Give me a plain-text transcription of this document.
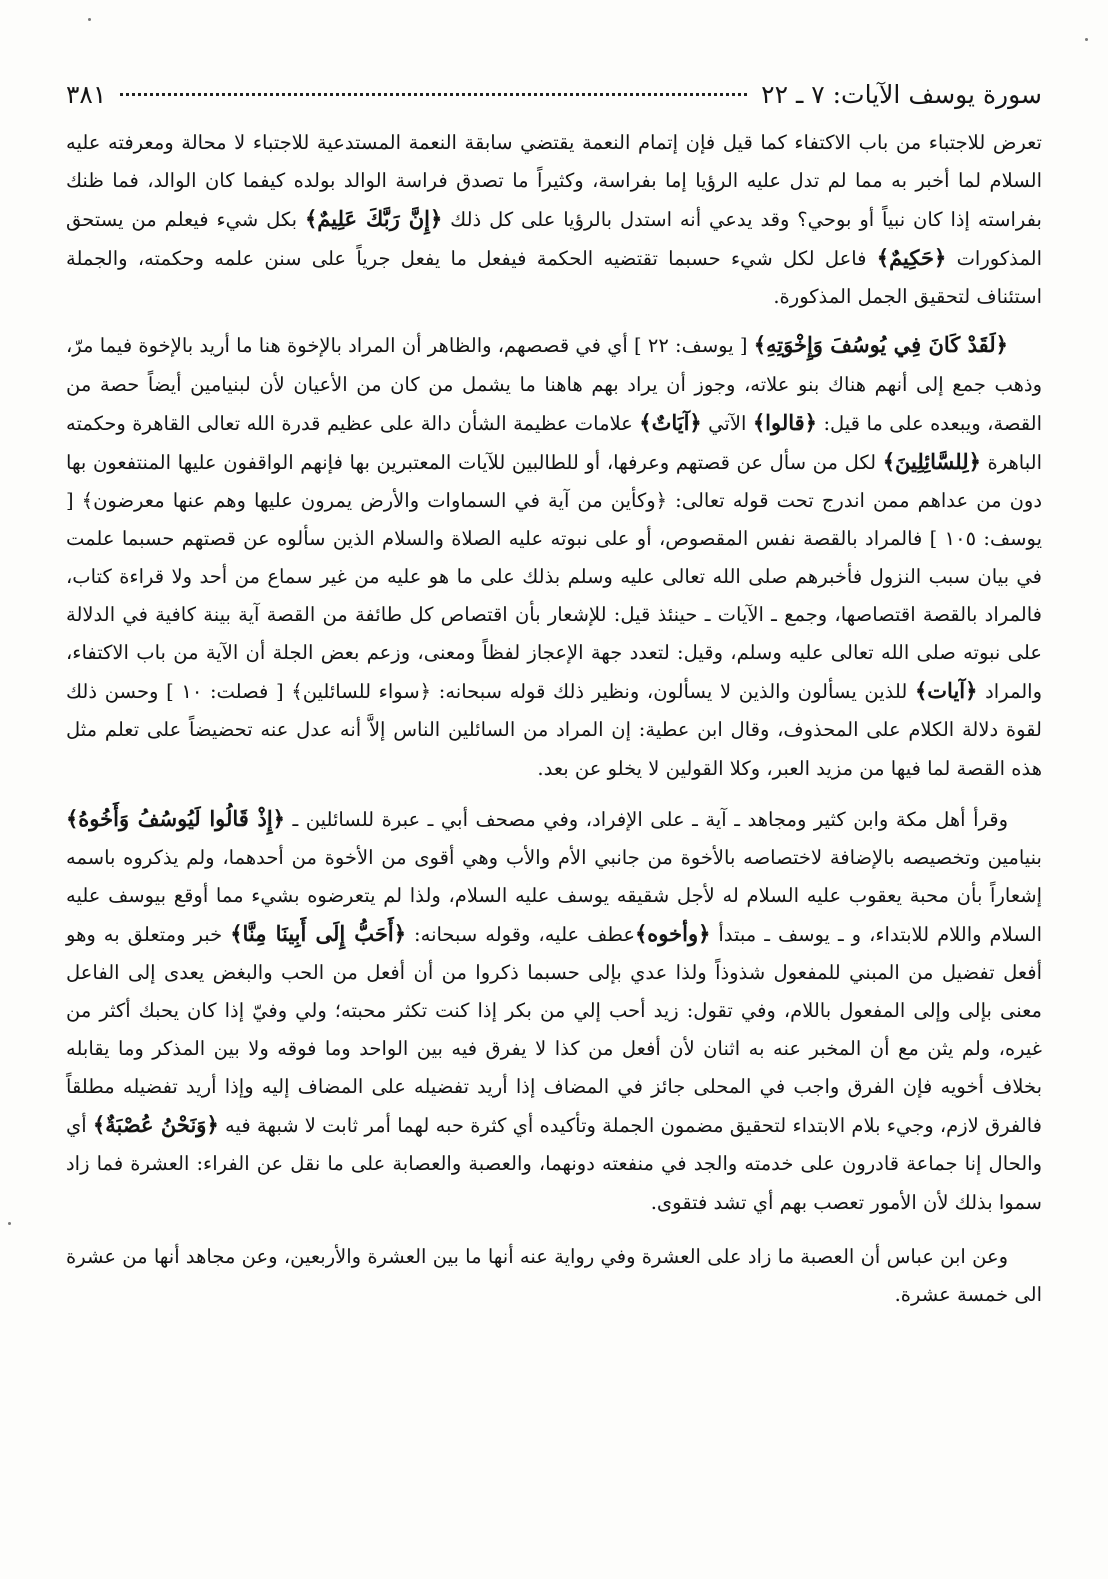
سورة يوسف الآيات: ٧ ـ ٢٢
٣٨١

تعرض للاجتباء من باب الاكتفاء كما قيل فإن إتمام النعمة يقتضي سابقة النعمة المستدعية للاجتباء لا محالة ومعرفته عليه السلام لما أخبر به مما لم تدل عليه الرؤيا إما بفراسة، وكثيراً ما تصدق فراسة الوالد بولده كيفما كان الوالد، فما ظنك بفراسته إذا كان نبياً أو بوحي؟ وقد يدعي أنه استدل بالرؤيا على كل ذلك ﴿إِنَّ رَبَّكَ عَلِيمٌ﴾ بكل شيء فيعلم من يستحق المذكورات ﴿حَكِيمٌ﴾ فاعل لكل شيء حسبما تقتضيه الحكمة فيفعل ما يفعل جرياً على سنن علمه وحكمته، والجملة استئناف لتحقيق الجمل المذكورة.

﴿لَقَدْ كَانَ فِي يُوسُفَ وَإِخْوَتِهِ﴾ [ يوسف: ٢٢ ] أي في قصصهم، والظاهر أن المراد بالإخوة هنا ما أريد بالإخوة فيما مرّ، وذهب جمع إلى أنهم هناك بنو علاته، وجوز أن يراد بهم هاهنا ما يشمل من كان من الأعيان لأن لبنيامين أيضاً حصة من القصة، ويبعده على ما قيل: ﴿قالوا﴾ الآتي ﴿آيَاتٌ﴾ علامات عظيمة الشأن دالة على عظيم قدرة الله تعالى القاهرة وحكمته الباهرة ﴿لِلسَّائِلِينَ﴾ لكل من سأل عن قصتهم وعرفها، أو للطالبين للآيات المعتبرين بها فإنهم الواقفون عليها المنتفعون بها دون من عداهم ممن اندرج تحت قوله تعالى: ﴿وكأين من آية في السماوات والأرض يمرون عليها وهم عنها معرضون﴾ [ يوسف: ١٠٥ ] فالمراد بالقصة نفس المقصوص، أو على نبوته عليه الصلاة والسلام الذين سألوه عن قصتهم حسبما علمت في بيان سبب النزول فأخبرهم صلى الله تعالى عليه وسلم بذلك على ما هو عليه من غير سماع من أحد ولا قراءة كتاب، فالمراد بالقصة اقتصاصها، وجمع ـ الآيات ـ حينئذ قيل: للإشعار بأن اقتصاص كل طائفة من القصة آية بينة كافية في الدلالة على نبوته صلى الله تعالى عليه وسلم، وقيل: لتعدد جهة الإعجاز لفظاً ومعنى، وزعم بعض الجلة أن الآية من باب الاكتفاء، والمراد ﴿آيات﴾ للذين يسألون والذين لا يسألون، ونظير ذلك قوله سبحانه: ﴿سواء للسائلين﴾ [ فصلت: ١٠ ] وحسن ذلك لقوة دلالة الكلام على المحذوف، وقال ابن عطية: إن المراد من السائلين الناس إلاَّ أنه عدل عنه تحضيضاً على تعلم مثل هذه القصة لما فيها من مزيد العبر، وكلا القولين لا يخلو عن بعد.

وقرأ أهل مكة وابن كثير ومجاهد ـ آية ـ على الإفراد، وفي مصحف أبي ـ عبرة للسائلين ـ ﴿إِذْ قَالُوا لَيُوسُفُ وَأَخُوهُ﴾ بنيامين وتخصيصه بالإضافة لاختصاصه بالأخوة من جانبي الأم والأب وهي أقوى من الأخوة من أحدهما، ولم يذكروه باسمه إشعاراً بأن محبة يعقوب عليه السلام له لأجل شقيقه يوسف عليه السلام، ولذا لم يتعرضوه بشيء مما أوقع بيوسف عليه السلام واللام للابتداء، و ـ يوسف ـ مبتدأ ﴿وأخوه﴾عطف عليه، وقوله سبحانه: ﴿أَحَبُّ إِلَى أَبِينَا مِنَّا﴾ خبر ومتعلق به وهو أفعل تفضيل من المبني للمفعول شذوذاً ولذا عدي بإلى حسبما ذكروا من أن أفعل من الحب والبغض يعدى إلى الفاعل معنى بإلى وإلى المفعول باللام، وفي تقول: زيد أحب إلي من بكر إذا كنت تكثر محبته؛ ولي وفيّ إذا كان يحبك أكثر من غيره، ولم يثن مع أن المخبر عنه به اثنان لأن أفعل من كذا لا يفرق فيه بين الواحد وما فوقه ولا بين المذكر وما يقابله بخلاف أخويه فإن الفرق واجب في المحلى جائز في المضاف إذا أريد تفضيله على المضاف إليه وإذا أريد تفضيله مطلقاً فالفرق لازم، وجيء بلام الابتداء لتحقيق مضمون الجملة وتأكيده أي كثرة حبه لهما أمر ثابت لا شبهة فيه ﴿وَنَحْنُ عُصْبَةٌ﴾ أي والحال إنا جماعة قادرون على خدمته والجد في منفعته دونهما، والعصبة والعصابة على ما نقل عن الفراء: العشرة فما زاد سموا بذلك لأن الأمور تعصب بهم أي تشد فتقوى.

وعن ابن عباس أن العصبة ما زاد على العشرة وفي رواية عنه أنها ما بين العشرة والأربعين، وعن مجاهد أنها من عشرة الى خمسة عشرة.
